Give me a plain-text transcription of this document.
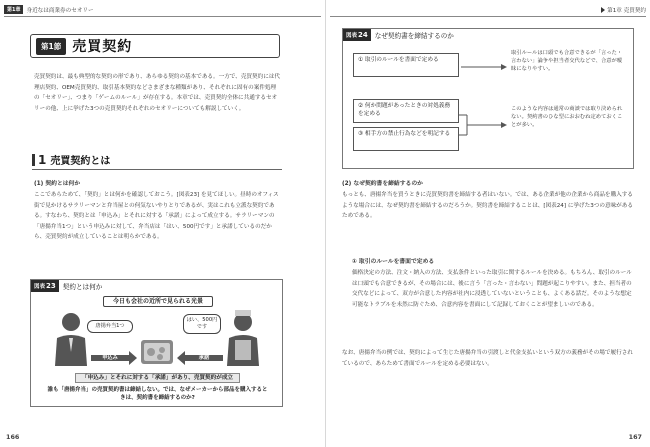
第1章	身近なは商業券のセオリー
第1節 売買契約

売買契約は、最も典型的な契約の形であり、あらゆる契約の基本である。一方で、売買契約には代理店契約、OEM売買契約、取引基本契約などさまざまな種類があり、それぞれに固有の案件処理の「セオリー」、つまり「ゲームのルール」が存在する。本章では、売買契約全体に共通するセオリーの他、上に挙げた3つの売買契約それぞれのセオリーについても解説していく。

1 売買契約とは
(1) 契約とは何か

ここであらためて、「契約」とは何かを確認しておこう。[図表23] を見てほしい。昼時のオフィス街で見かけるサラリーマンと弁当屋との何気ないやりとりであるが、実はこれも立派な契約である。すなわち、契約とは「申込み」とそれに対する「承諾」によって成立する。サラリーマンの「唐揚弁当1つ」という申込みに対して、弁当店は「はい、500円です」と承諾しているのだから、売買契約が成立していることは明らかである。

図表 23 契約とは何か
今日も会社の近所で見られる光景
唐揚弁当1つ
はい、500円です
申込み	承諾
「申込み」とそれに対する「承諾」があり、売買契約が成立
誰も「唐揚弁当」の売買契約書は締結しない。では、なぜメーカーから部品を購入するときは、契約書を締結するのか?
166
第1章 売買契約
図表 24 なぜ契約書を締結するのか
① 取引のルールを書面で定める
② 何か問題があったときの対処義務を定める
③ 相手方の禁止行為などを明記する
取引ルールは口頭でも合意できるが「言った・言わない」論争や担当者交代などで、合意が曖昧になりやすい。
このような内容は通常の商談では取り決められない。契約書のひな型におおむね定めておくことが多い。
(2) なぜ契約書を締結するのか

もっとも、唐揚弁当を買うときに売買契約書を締結する者はいない。では、ある企業が他の企業から商品を購入するような場合には、なぜ契約書を締結するのだろうか。契約書を締結することは、[図表24] に挙げた3つの意味があるためである。

① 取引のルールを書面で定める

価格決定の方法、注文・納入の方法、支払条件といった取引に関するルールを決める。もちろん、取引のルールは口頭でも合意できるが、その場合には、後に言う「言った・言わない」問題が起こりやすい。また、担当者の交代などによって、双方が合意した内容が社内に浸透していないということも、よくある話だ。そのような想定可能なトラブルを未然に防ぐため、合意内容を書面にして記録しておくことが望ましいのである。

なお、唐揚弁当の例では、契約によって生じた唐揚弁当の引渡しと代金支払いという双方の義務がその場で履行されているので、あらためて書面でルールを定める必要はない。

167
